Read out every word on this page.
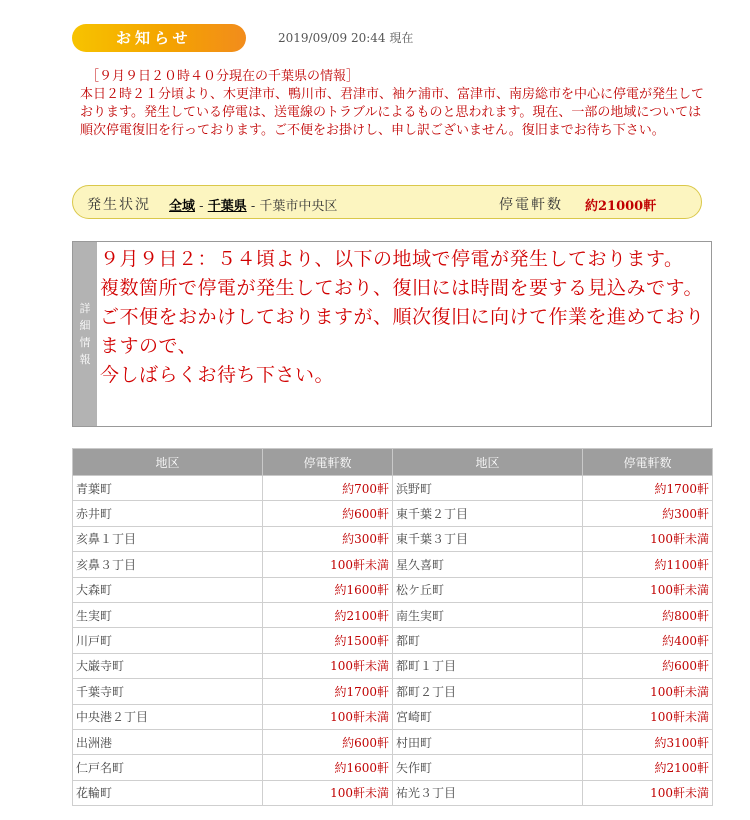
お知らせ	2019/09/09 20:44 現在
［９月９日２０時４０分現在の千葉県の情報］
本日２時２１分頃より、木更津市、鴨川市、君津市、袖ケ浦市、富津市、南房総市を中心に停電が発生しております。発生している停電は、送電線のトラブルによるものと思われます。現在、一部の地域については順次停電復旧を行っております。ご不便をお掛けし、申し訳ございません。復旧までお待ち下さい。
発生状況 全域 - 千葉県 - 千葉市中央区	停電軒数 約21000軒
詳細情報
９月９日２：５４頃より、以下の地域で停電が発生しております。
複数箇所で停電が発生しており、復旧には時間を要する見込みです。
ご不便をおかけしておりますが、順次復旧に向けて作業を進めておりますので、
今しばらくお待ち下さい。
地区	停電軒数	地区	停電軒数
青葉町	約700軒	浜野町	約1700軒
赤井町	約600軒	東千葉２丁目	約300軒
亥鼻１丁目	約300軒	東千葉３丁目	100軒未満
亥鼻３丁目	100軒未満	星久喜町	約1100軒
大森町	約1600軒	松ケ丘町	100軒未満
生実町	約2100軒	南生実町	約800軒
川戸町	約1500軒	都町	約400軒
大巌寺町	100軒未満	都町１丁目	約600軒
千葉寺町	約1700軒	都町２丁目	100軒未満
中央港２丁目	100軒未満	宮崎町	100軒未満
出洲港	約600軒	村田町	約3100軒
仁戸名町	約1600軒	矢作町	約2100軒
花輪町	100軒未満	祐光３丁目	100軒未満
